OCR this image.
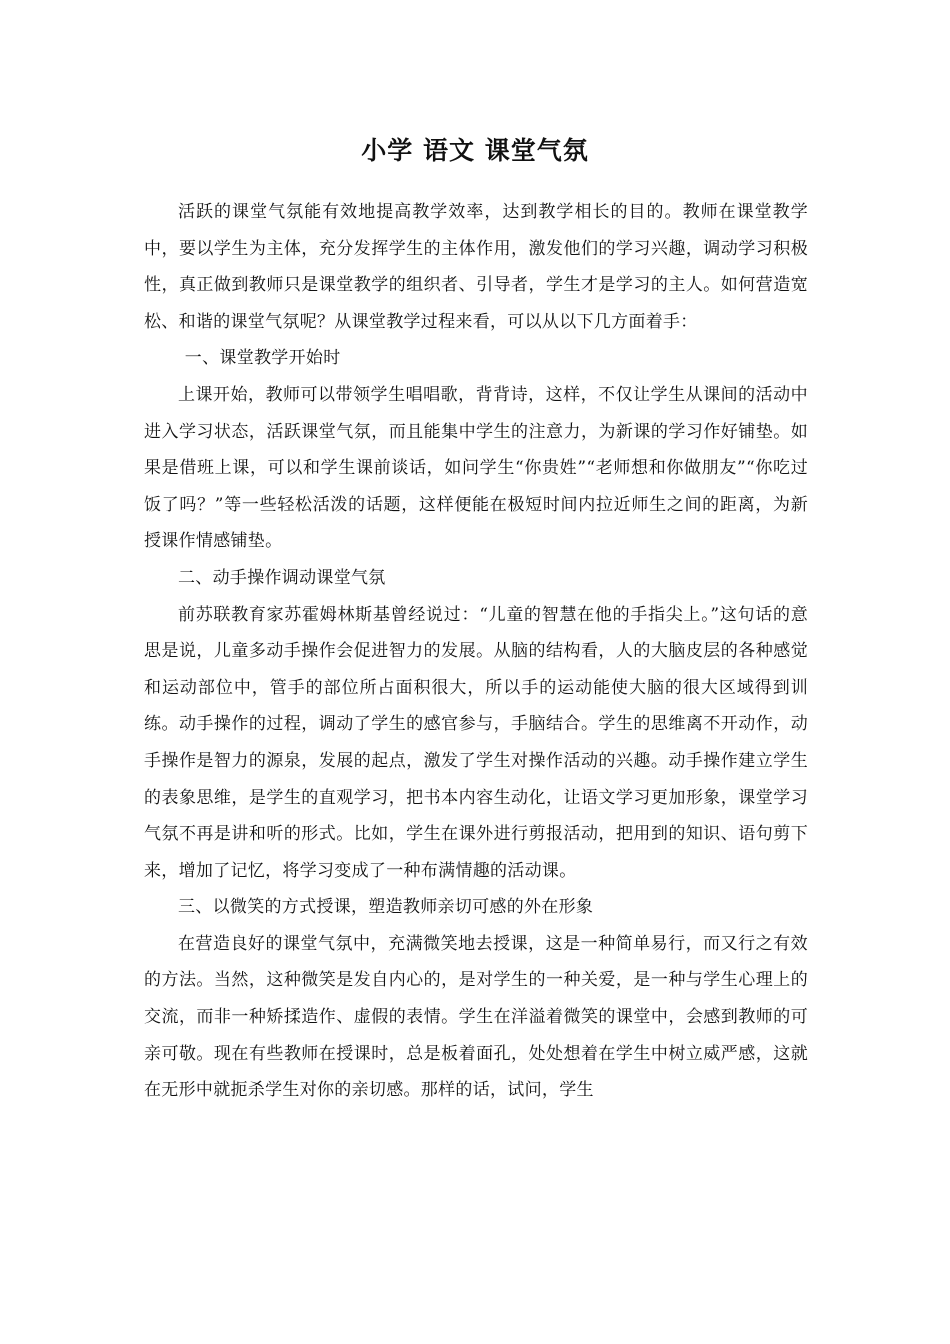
小学 语文 课堂气氛

活跃的课堂气氛能有效地提高教学效率，达到教学相长的目的。教师在课堂教学中，要以学生为主体，充分发挥学生的主体作用，激发他们的学习兴趣，调动学习积极性，真正做到教师只是课堂教学的组织者、引导者，学生才是学习的主人。如何营造宽松、和谐的课堂气氛呢？从课堂教学过程来看，可以从以下几方面着手：

一、课堂教学开始时

上课开始，教师可以带领学生唱唱歌，背背诗，这样，不仅让学生从课间的活动中进入学习状态，活跃课堂气氛，而且能集中学生的注意力，为新课的学习作好铺垫。如果是借班上课，可以和学生课前谈话，如问学生“你贵姓”“老师想和你做朋友”“你吃过饭了吗？”等一些轻松活泼的话题，这样便能在极短时间内拉近师生之间的距离，为新授课作情感铺垫。

二、动手操作调动课堂气氛

前苏联教育家苏霍姆林斯基曾经说过：“儿童的智慧在他的手指尖上。”这句话的意思是说，儿童多动手操作会促进智力的发展。从脑的结构看，人的大脑皮层的各种感觉和运动部位中，管手的部位所占面积很大，所以手的运动能使大脑的很大区域得到训练。动手操作的过程，调动了学生的感官参与，手脑结合。学生的思维离不开动作，动手操作是智力的源泉，发展的起点，激发了学生对操作活动的兴趣。动手操作建立学生的表象思维，是学生的直观学习，把书本内容生动化，让语文学习更加形象，课堂学习气氛不再是讲和听的形式。比如，学生在课外进行剪报活动，把用到的知识、语句剪下来，增加了记忆，将学习变成了一种布满情趣的活动课。

三、以微笑的方式授课，塑造教师亲切可感的外在形象

在营造良好的课堂气氛中，充满微笑地去授课，这是一种简单易行，而又行之有效的方法。当然，这种微笑是发自内心的，是对学生的一种关爱，是一种与学生心理上的交流，而非一种矫揉造作、虚假的表情。学生在洋溢着微笑的课堂中，会感到教师的可亲可敬。现在有些教师在授课时，总是板着面孔，处处想着在学生中树立威严感，这就在无形中就扼杀学生对你的亲切感。那样的话，试问，学生
